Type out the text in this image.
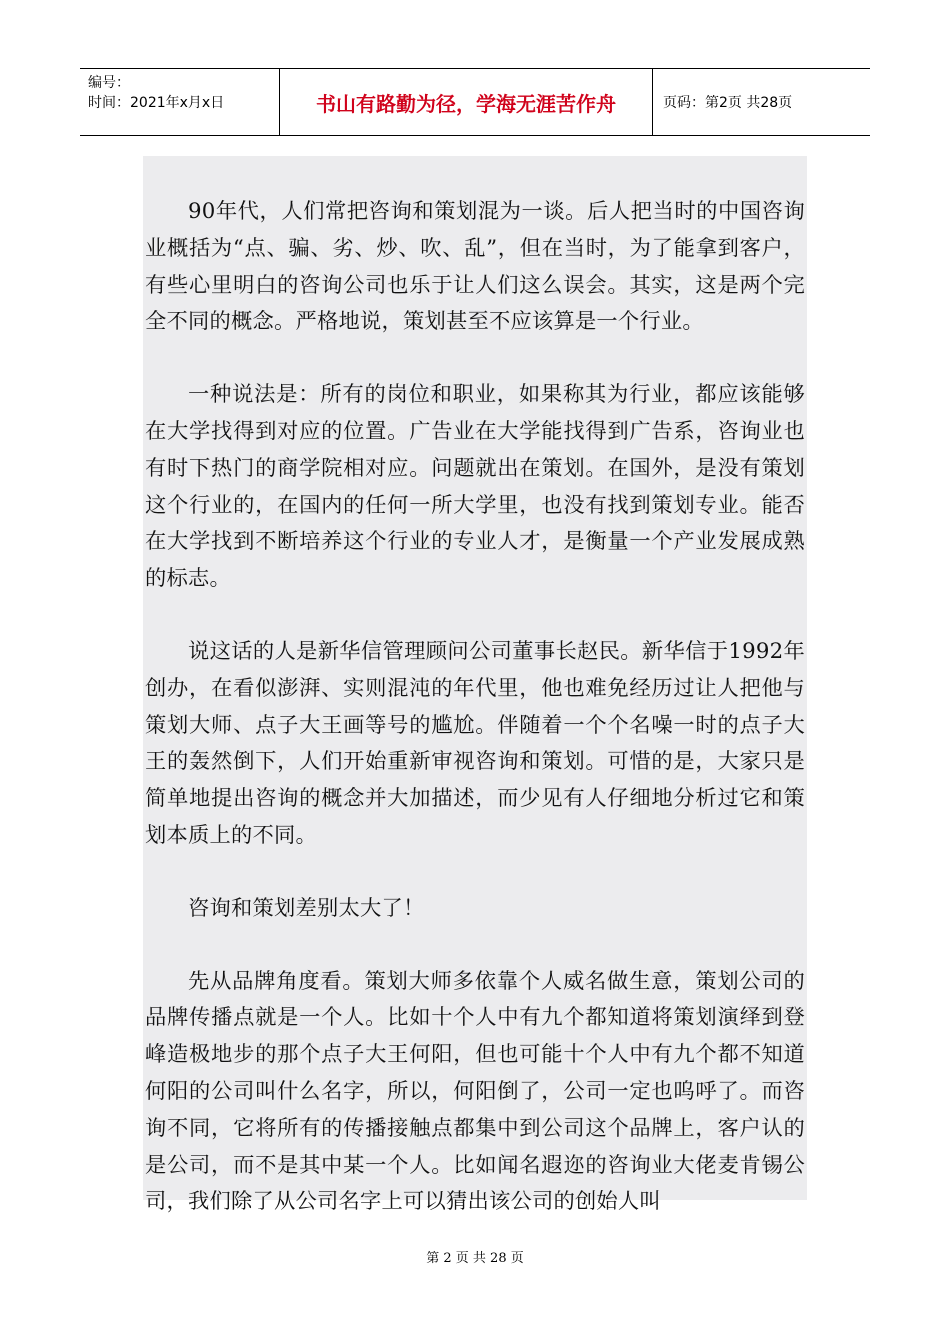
编号：
时间：2021年x月x日	书山有路勤为径，学海无涯苦作舟	页码：第2页 共28页

90年代，人们常把咨询和策划混为一谈。后人把当时的中国咨询业概括为“点、骗、劣、炒、吹、乱”，但在当时，为了能拿到客户，有些心里明白的咨询公司也乐于让人们这么误会。其实，这是两个完全不同的概念。严格地说，策划甚至不应该算是一个行业。

一种说法是：所有的岗位和职业，如果称其为行业，都应该能够在大学找得到对应的位置。广告业在大学能找得到广告系，咨询业也有时下热门的商学院相对应。问题就出在策划。在国外，是没有策划这个行业的，在国内的任何一所大学里，也没有找到策划专业。能否在大学找到不断培养这个行业的专业人才，是衡量一个产业发展成熟的标志。

说这话的人是新华信管理顾问公司董事长赵民。新华信于1992年创办，在看似澎湃、实则混沌的年代里，他也难免经历过让人把他与策划大师、点子大王画等号的尴尬。伴随着一个个名噪一时的点子大王的轰然倒下，人们开始重新审视咨询和策划。可惜的是，大家只是简单地提出咨询的概念并大加描述，而少见有人仔细地分析过它和策划本质上的不同。

咨询和策划差别太大了！

先从品牌角度看。策划大师多依靠个人威名做生意，策划公司的品牌传播点就是一个人。比如十个人中有九个都知道将策划演绎到登峰造极地步的那个点子大王何阳，但也可能十个人中有九个都不知道何阳的公司叫什么名字，所以，何阳倒了，公司一定也呜呼了。而咨询不同，它将所有的传播接触点都集中到公司这个品牌上，客户认的是公司，而不是其中某一个人。比如闻名遐迩的咨询业大佬麦肯锡公司，我们除了从公司名字上可以猜出该公司的创始人叫

第 2 页 共 28 页
